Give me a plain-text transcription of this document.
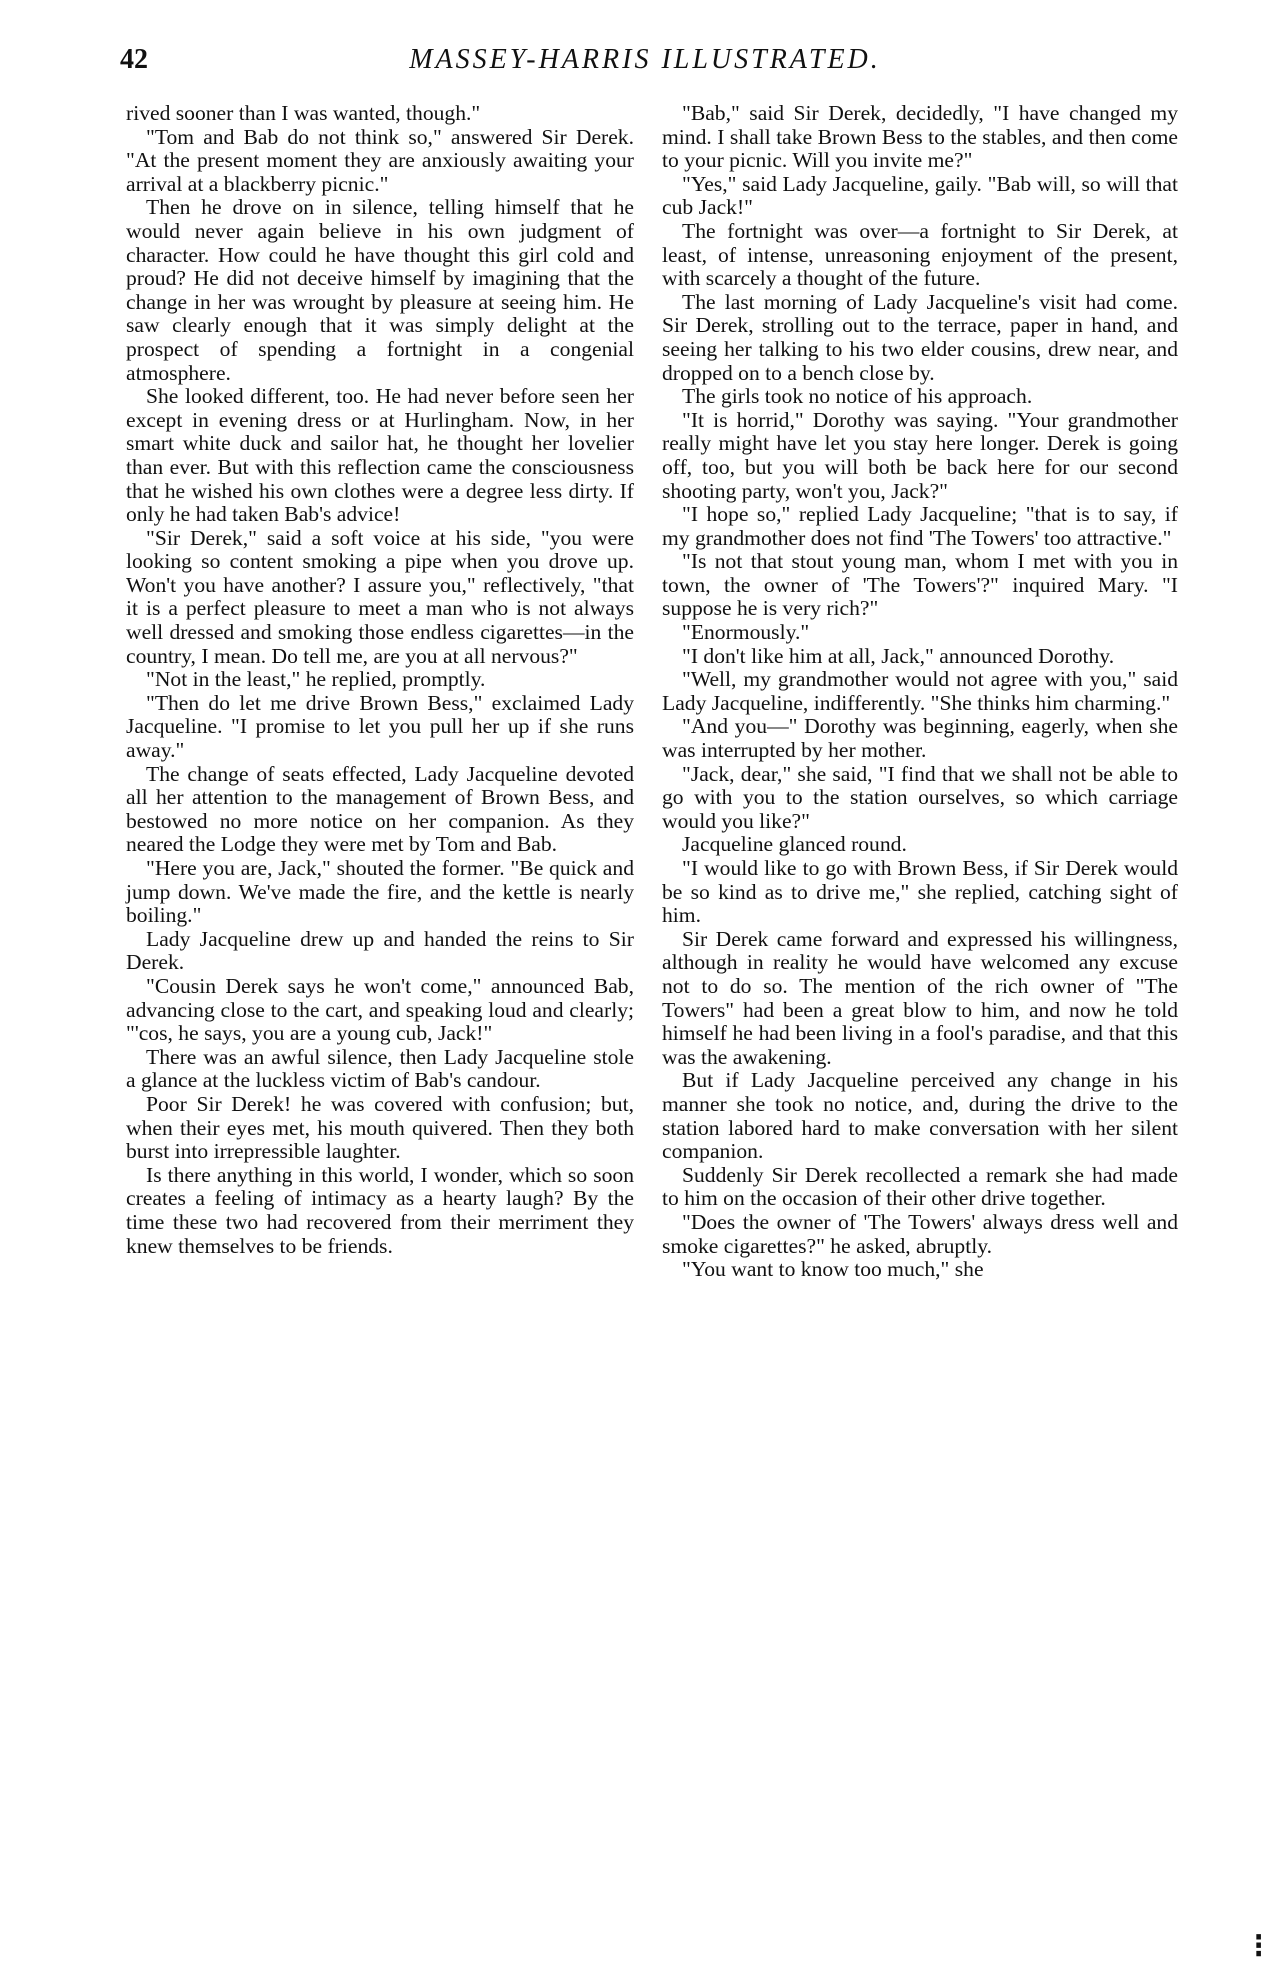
42	MASSEY-HARRIS ILLUSTRATED.

rived sooner than I was wanted, though."

"Tom and Bab do not think so," answered Sir Derek. "At the present moment they are anxiously awaiting your arrival at a blackberry picnic."

Then he drove on in silence, telling himself that he would never again believe in his own judgment of character. How could he have thought this girl cold and proud? He did not deceive himself by imagining that the change in her was wrought by pleasure at seeing him. He saw clearly enough that it was simply delight at the prospect of spending a fortnight in a congenial atmosphere.

She looked different, too. He had never before seen her except in evening dress or at Hurlingham. Now, in her smart white duck and sailor hat, he thought her lovelier than ever. But with this reflection came the consciousness that he wished his own clothes were a degree less dirty. If only he had taken Bab's advice!

"Sir Derek," said a soft voice at his side, "you were looking so content smoking a pipe when you drove up. Won't you have another? I assure you," reflectively, "that it is a perfect pleasure to meet a man who is not always well dressed and smoking those endless cigarettes—in the country, I mean. Do tell me, are you at all nervous?"

"Not in the least," he replied, promptly.

"Then do let me drive Brown Bess," exclaimed Lady Jacqueline. "I promise to let you pull her up if she runs away."

The change of seats effected, Lady Jacqueline devoted all her attention to the management of Brown Bess, and bestowed no more notice on her companion. As they neared the Lodge they were met by Tom and Bab.

"Here you are, Jack," shouted the former. "Be quick and jump down. We've made the fire, and the kettle is nearly boiling."

Lady Jacqueline drew up and handed the reins to Sir Derek.

"Cousin Derek says he won't come," announced Bab, advancing close to the cart, and speaking loud and clearly; "'cos, he says, you are a young cub, Jack!"

There was an awful silence, then Lady Jacqueline stole a glance at the luckless victim of Bab's candour.

Poor Sir Derek! he was covered with confusion; but, when their eyes met, his mouth quivered. Then they both burst into irrepressible laughter.

Is there anything in this world, I wonder, which so soon creates a feeling of intimacy as a hearty laugh? By the time these two had recovered from their merriment they knew themselves to be friends.

"Bab," said Sir Derek, decidedly, "I have changed my mind. I shall take Brown Bess to the stables, and then come to your picnic. Will you invite me?"

"Yes," said Lady Jacqueline, gaily. "Bab will, so will that cub Jack!"

The fortnight was over—a fortnight to Sir Derek, at least, of intense, unreasoning enjoyment of the present, with scarcely a thought of the future.

The last morning of Lady Jacqueline's visit had come. Sir Derek, strolling out to the terrace, paper in hand, and seeing her talking to his two elder cousins, drew near, and dropped on to a bench close by.

The girls took no notice of his approach.

"It is horrid," Dorothy was saying. "Your grandmother really might have let you stay here longer. Derek is going off, too, but you will both be back here for our second shooting party, won't you, Jack?"

"I hope so," replied Lady Jacqueline; "that is to say, if my grandmother does not find 'The Towers' too attractive."

"Is not that stout young man, whom I met with you in town, the owner of 'The Towers'?" inquired Mary. "I suppose he is very rich?"

"Enormously."

"I don't like him at all, Jack," announced Dorothy.

"Well, my grandmother would not agree with you," said Lady Jacqueline, indifferently. "She thinks him charming."

"And you—" Dorothy was beginning, eagerly, when she was interrupted by her mother.

"Jack, dear," she said, "I find that we shall not be able to go with you to the station ourselves, so which carriage would you like?"

Jacqueline glanced round.

"I would like to go with Brown Bess, if Sir Derek would be so kind as to drive me," she replied, catching sight of him.

Sir Derek came forward and expressed his willingness, although in reality he would have welcomed any excuse not to do so. The mention of the rich owner of "The Towers" had been a great blow to him, and now he told himself he had been living in a fool's paradise, and that this was the awakening.

But if Lady Jacqueline perceived any change in his manner she took no notice, and, during the drive to the station labored hard to make conversation with her silent companion.

Suddenly Sir Derek recollected a remark she had made to him on the occasion of their other drive together.

"Does the owner of 'The Towers' always dress well and smoke cigarettes?" he asked, abruptly.

"You want to know too much," she

⁝
